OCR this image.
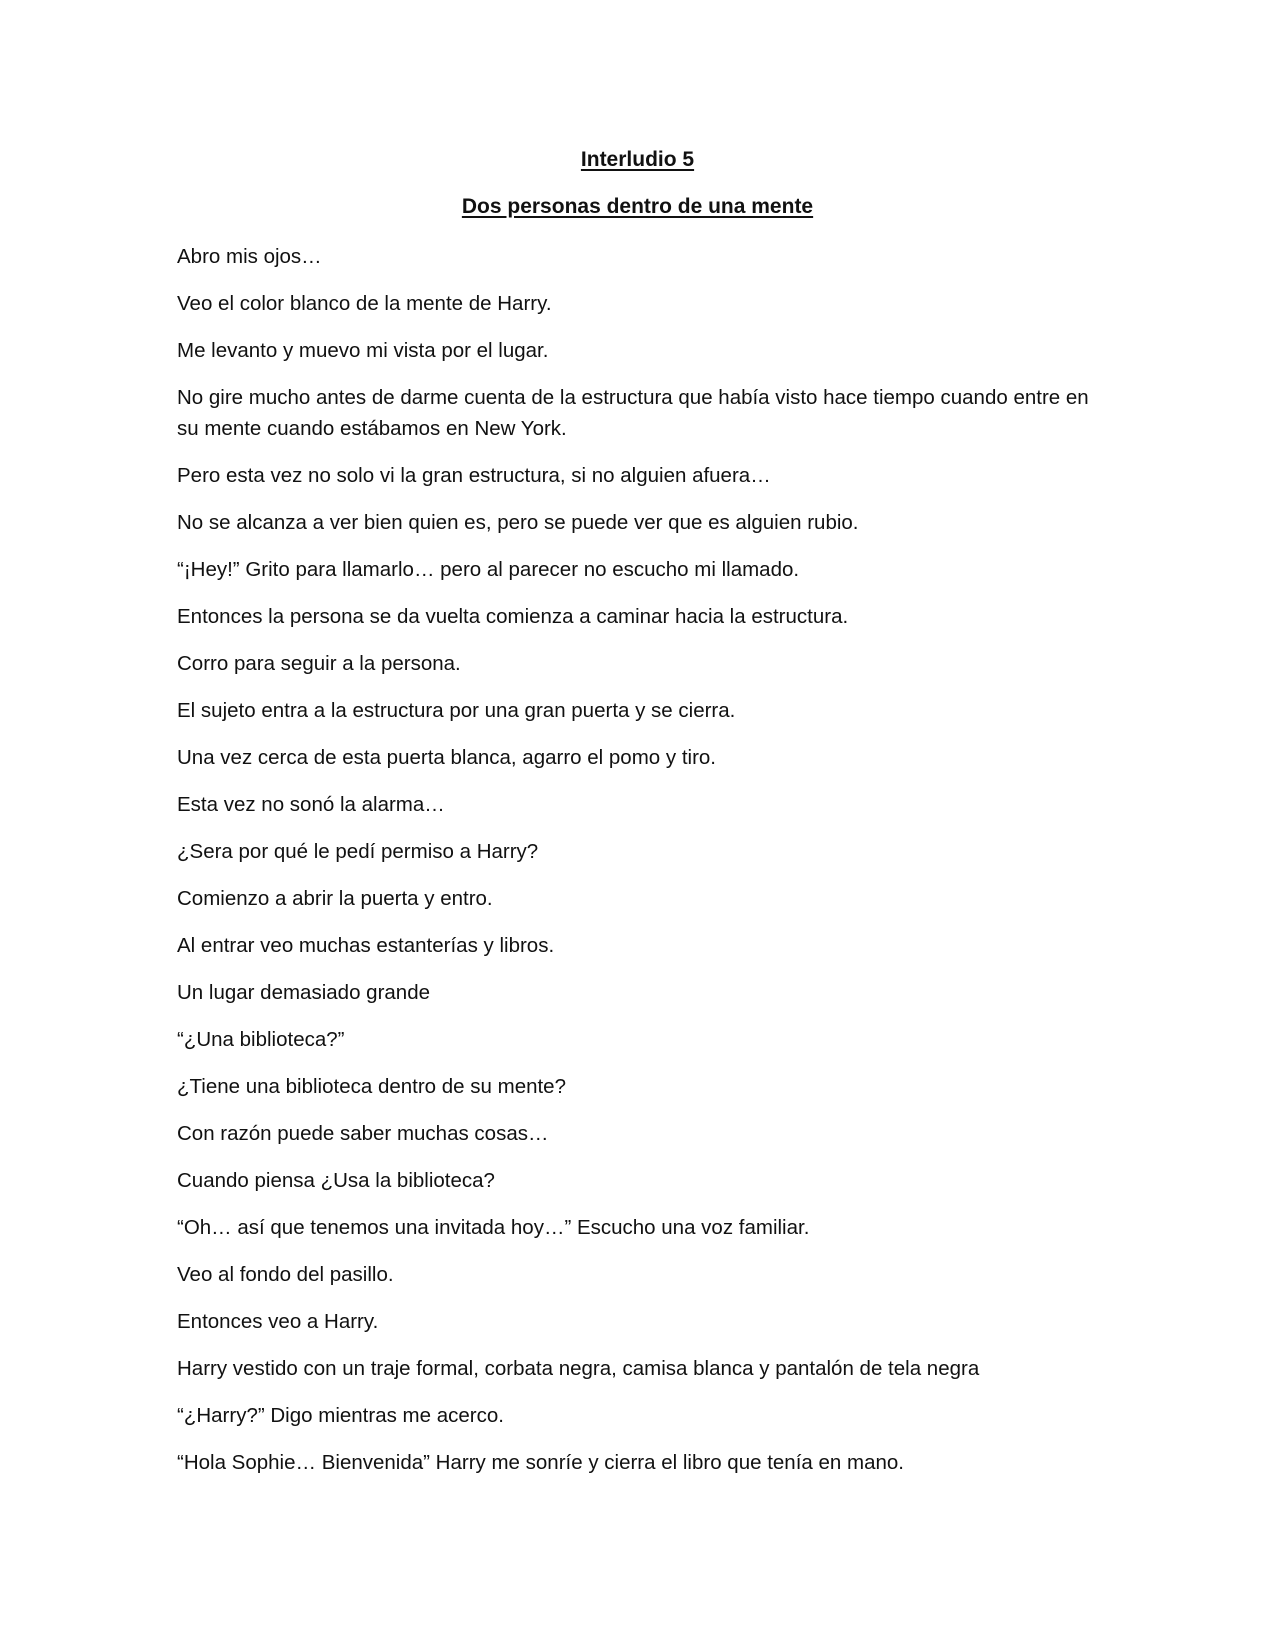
Interludio 5
Dos personas dentro de una mente

Abro mis ojos…

Veo el color blanco de la mente de Harry.

Me levanto y muevo mi vista por el lugar.

No gire mucho antes de darme cuenta de la estructura que había visto hace tiempo cuando entre en su mente cuando estábamos en New York.

Pero esta vez no solo vi la gran estructura, si no alguien afuera…

No se alcanza a ver bien quien es, pero se puede ver que es alguien rubio.

“¡Hey!” Grito para llamarlo… pero al parecer no escucho mi llamado.

Entonces la persona se da vuelta comienza a caminar hacia la estructura.

Corro para seguir a la persona.

El sujeto entra a la estructura por una gran puerta y se cierra.

Una vez cerca de esta puerta blanca, agarro el pomo y tiro.

Esta vez no sonó la alarma…

¿Sera por qué le pedí permiso a Harry?

Comienzo a abrir la puerta y entro.

Al entrar veo muchas estanterías y libros.

Un lugar demasiado grande

“¿Una biblioteca?”

¿Tiene una biblioteca dentro de su mente?

Con razón puede saber muchas cosas…

Cuando piensa ¿Usa la biblioteca?

“Oh… así que tenemos una invitada hoy…” Escucho una voz familiar.

Veo al fondo del pasillo.

Entonces veo a Harry.

Harry vestido con un traje formal, corbata negra, camisa blanca y pantalón de tela negra

“¿Harry?” Digo mientras me acerco.

“Hola Sophie… Bienvenida” Harry me sonríe y cierra el libro que tenía en mano.
